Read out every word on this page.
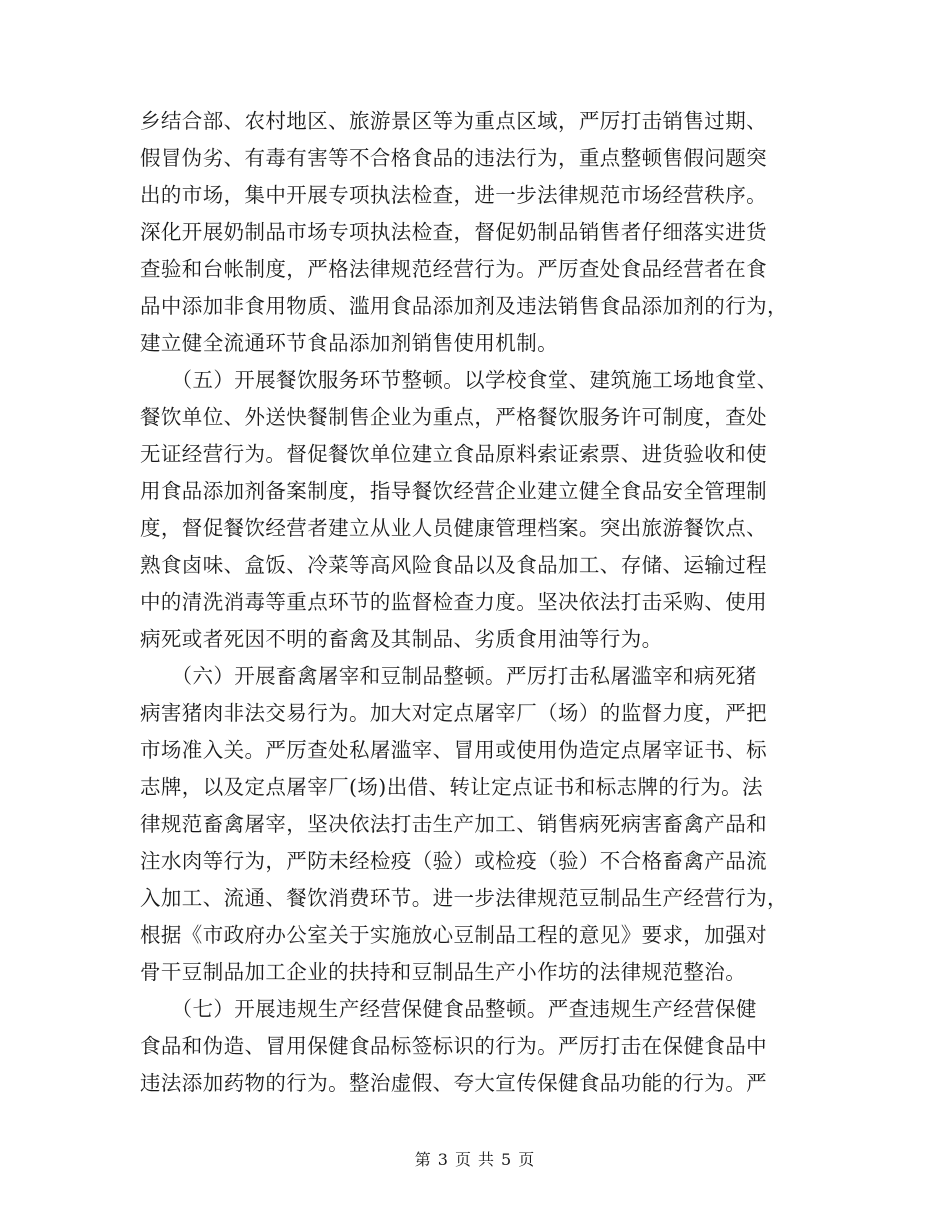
乡结合部、农村地区、旅游景区等为重点区域，严厉打击销售过期、
假冒伪劣、有毒有害等不合格食品的违法行为，重点整顿售假问题突
出的市场，集中开展专项执法检查，进一步法律规范市场经营秩序。
深化开展奶制品市场专项执法检查，督促奶制品销售者仔细落实进货
查验和台帐制度，严格法律规范经营行为。严厉查处食品经营者在食
品中添加非食用物质、滥用食品添加剂及违法销售食品添加剂的行为，
建立健全流通环节食品添加剂销售使用机制。
　　（五）开展餐饮服务环节整顿。以学校食堂、建筑施工场地食堂、
餐饮单位、外送快餐制售企业为重点，严格餐饮服务许可制度，查处
无证经营行为。督促餐饮单位建立食品原料索证索票、进货验收和使
用食品添加剂备案制度，指导餐饮经营企业建立健全食品安全管理制
度，督促餐饮经营者建立从业人员健康管理档案。突出旅游餐饮点、
熟食卤味、盒饭、冷菜等高风险食品以及食品加工、存储、运输过程
中的清洗消毒等重点环节的监督检查力度。坚决依法打击采购、使用
病死或者死因不明的畜禽及其制品、劣质食用油等行为。
　　（六）开展畜禽屠宰和豆制品整顿。严厉打击私屠滥宰和病死猪
病害猪肉非法交易行为。加大对定点屠宰厂（场）的监督力度，严把
市场准入关。严厉查处私屠滥宰、冒用或使用伪造定点屠宰证书、标
志牌，以及定点屠宰厂(场)出借、转让定点证书和标志牌的行为。法
律规范畜禽屠宰，坚决依法打击生产加工、销售病死病害畜禽产品和
注水肉等行为，严防未经检疫（验）或检疫（验）不合格畜禽产品流
入加工、流通、餐饮消费环节。进一步法律规范豆制品生产经营行为，
根据《市政府办公室关于实施放心豆制品工程的意见》要求，加强对
骨干豆制品加工企业的扶持和豆制品生产小作坊的法律规范整治。
　　（七）开展违规生产经营保健食品整顿。严查违规生产经营保健
食品和伪造、冒用保健食品标签标识的行为。严厉打击在保健食品中
违法添加药物的行为。整治虚假、夸大宣传保健食品功能的行为。严
第 3 页 共 5 页
